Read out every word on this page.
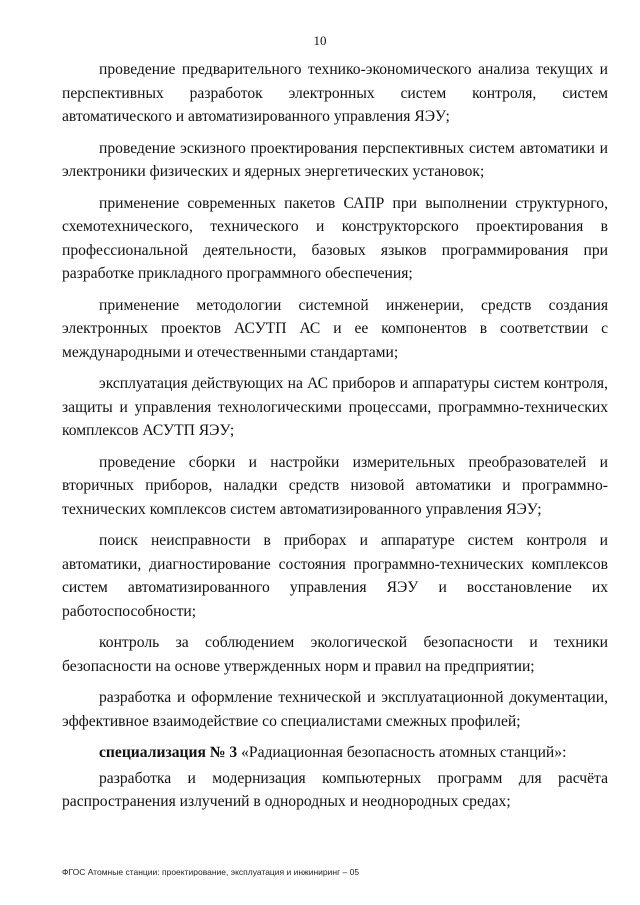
10

проведение предварительного технико-экономического анализа текущих и перспективных разработок электронных систем контроля, систем автоматического и автоматизированного управления ЯЭУ;

проведение эскизного проектирования перспективных систем автоматики и электроники физических и ядерных энергетических установок;

применение современных пакетов САПР при выполнении структурного, схемотехнического, технического и конструкторского проектирования в профессиональной деятельности, базовых языков программирования при разработке прикладного программного обеспечения;

применение методологии системной инженерии, средств создания электронных проектов АСУТП АС и ее компонентов в соответствии с международными и отечественными стандартами;

эксплуатация действующих на АС приборов и аппаратуры систем контроля, защиты и управления технологическими процессами, программно-технических комплексов АСУТП ЯЭУ;

проведение сборки и настройки измерительных преобразователей и вторичных приборов, наладки средств низовой автоматики и программно-технических комплексов систем автоматизированного управления ЯЭУ;

поиск неисправности в приборах и аппаратуре систем контроля и автоматики, диагностирование состояния программно-технических комплексов систем автоматизированного управления ЯЭУ и восстановление их работоспособности;

контроль за соблюдением экологической безопасности и техники безопасности на основе утвержденных норм и правил на предприятии;

разработка и оформление технической и эксплуатационной документации, эффективное взаимодействие со специалистами смежных профилей;

специализация № 3 «Радиационная безопасность атомных станций»:

разработка и модернизация компьютерных программ для расчёта распространения излучений в однородных и неоднородных средах;

ФГОС Атомные станции: проектирование, эксплуатация и инжиниринг – 05
